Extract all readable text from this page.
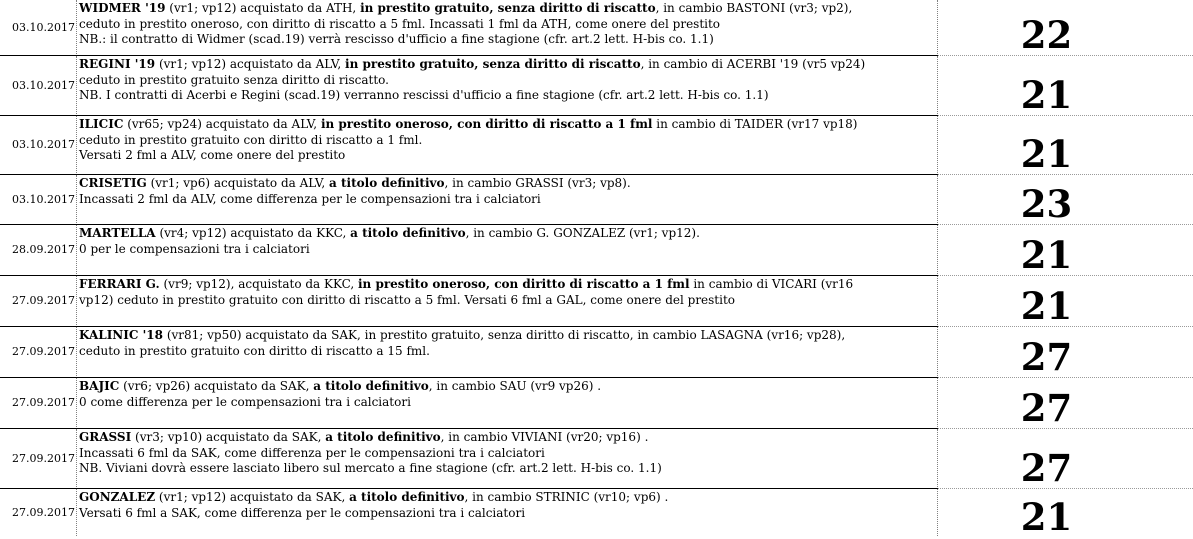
03.10.2017
WIDMER '19 (vr1; vp12) acquistato da ATH, in prestito gratuito, senza diritto di riscatto, in cambio BASTONI (vr3; vp2),
ceduto in prestito oneroso, con diritto di riscatto a 5 fml. Incassati 1 fml da ATH, come onere del prestito
NB.: il contratto di Widmer (scad.19) verrà rescisso d'ufficio a fine stagione (cfr. art.2 lett. H-bis co. 1.1)	22
03.10.2017
REGINI '19 (vr1; vp12) acquistato da ALV, in prestito gratuito, senza diritto di riscatto, in cambio di ACERBI '19 (vr5 vp24)
ceduto in prestito gratuito senza diritto di riscatto.
NB. I contratti di Acerbi e Regini (scad.19) verranno rescissi d'ufficio a fine stagione (cfr. art.2 lett. H-bis co. 1.1)	21
03.10.2017
ILICIC (vr65; vp24) acquistato da ALV, in prestito oneroso, con diritto di riscatto a 1 fml in cambio di TAIDER (vr17 vp18)
ceduto in prestito gratuito con diritto di riscatto a 1 fml.
Versati 2 fml a ALV, come onere del prestito	21
03.10.2017
CRISETIG (vr1; vp6) acquistato da ALV, a titolo definitivo, in cambio GRASSI (vr3; vp8).
Incassati 2 fml da ALV, come differenza per le compensazioni tra i calciatori	23
28.09.2017
MARTELLA (vr4; vp12) acquistato da KKC, a titolo definitivo, in cambio G. GONZALEZ (vr1; vp12).
0 per le compensazioni tra i calciatori	21
27.09.2017
FERRARI G. (vr9; vp12), acquistato da KKC, in prestito oneroso, con diritto di riscatto a 1 fml in cambio di VICARI (vr16
vp12) ceduto in prestito gratuito con diritto di riscatto a 5 fml. Versati 6 fml a GAL, come onere del prestito	21
27.09.2017
KALINIC '18 (vr81; vp50) acquistato da SAK, in prestito gratuito, senza diritto di riscatto, in cambio LASAGNA (vr16; vp28),
ceduto in prestito gratuito con diritto di riscatto a 15 fml.	27
27.09.2017
BAJIC (vr6; vp26) acquistato da SAK, a titolo definitivo, in cambio SAU (vr9 vp26) .
0 come differenza per le compensazioni tra i calciatori	27
27.09.2017
GRASSI (vr3; vp10) acquistato da SAK, a titolo definitivo, in cambio VIVIANI (vr20; vp16) .
Incassati 6 fml da SAK, come differenza per le compensazioni tra i calciatori
NB. Viviani dovrà essere lasciato libero sul mercato a fine stagione (cfr. art.2 lett. H-bis co. 1.1)	27
27.09.2017
GONZALEZ (vr1; vp12) acquistato da SAK, a titolo definitivo, in cambio STRINIC (vr10; vp6) .
Versati 6 fml a SAK, come differenza per le compensazioni tra i calciatori	21
